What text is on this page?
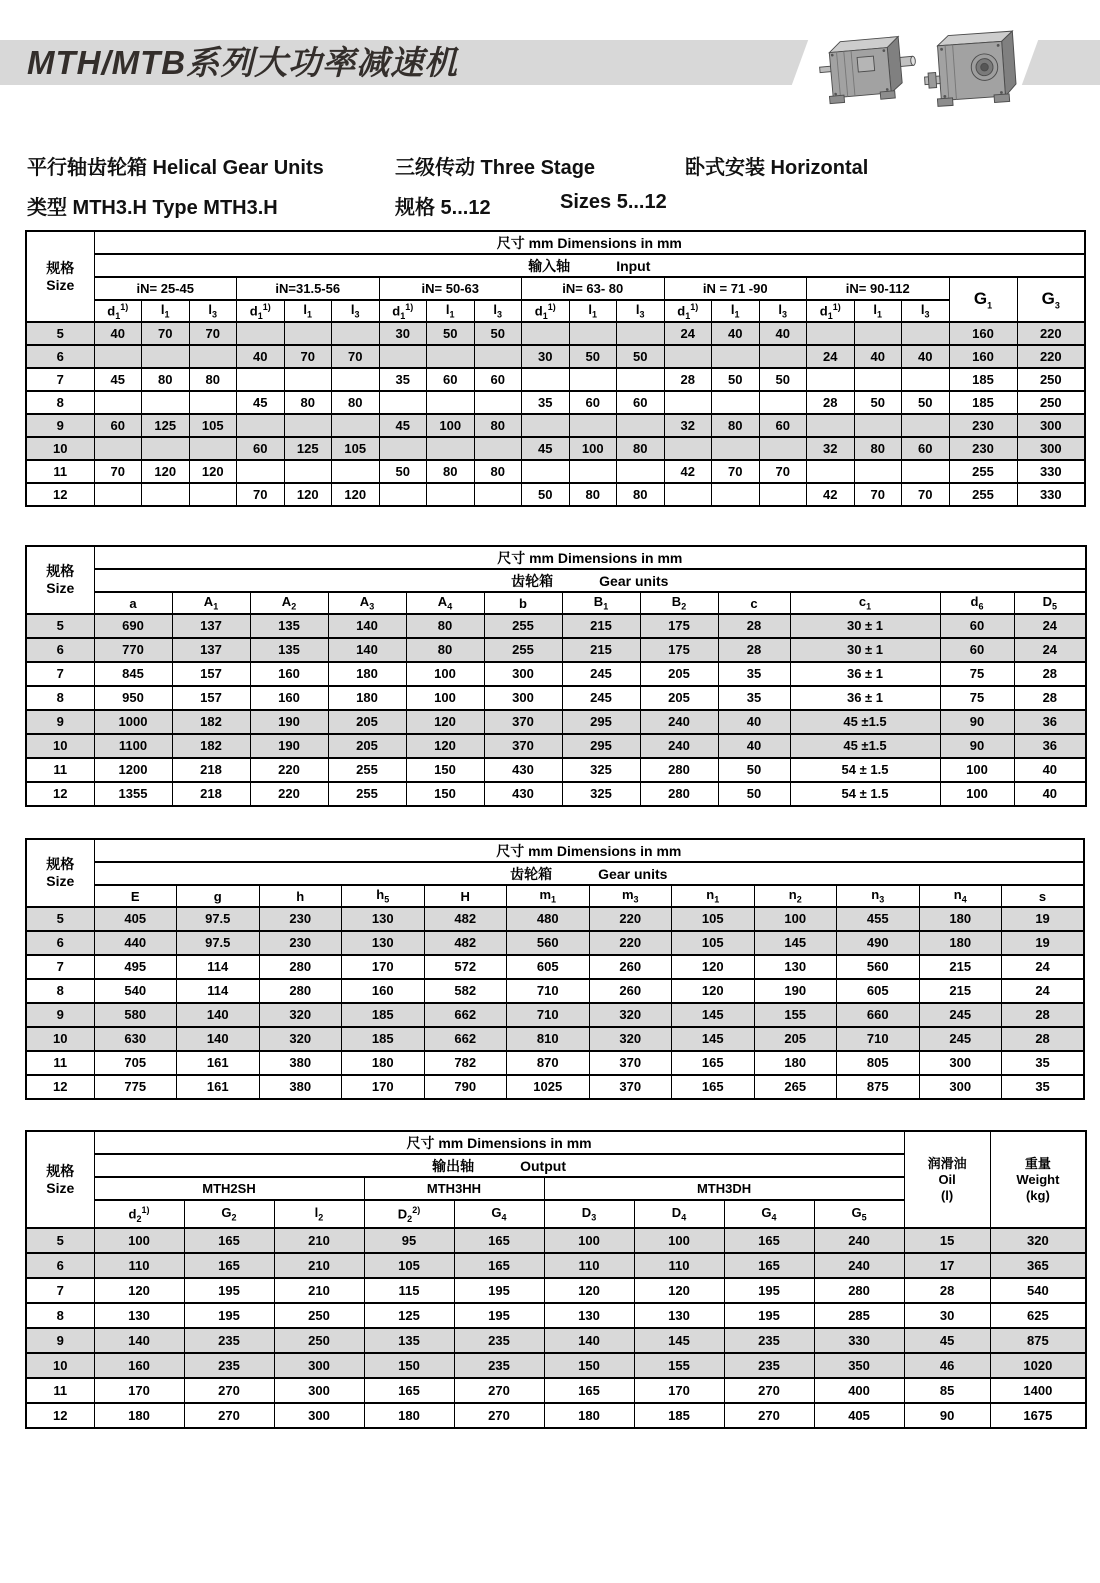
MTH/MTB系列大功率减速机
平行轴齿轮箱 Helical Gear Units	三级传动 Three Stage	卧式安装 Horizontal
类型 MTH3.H Type MTH3.H	规格 5...12	Sizes 5...12
规格
Size	尺寸 mm Dimensions in mm																			
	输入轴 Input																			
	iN= 25-45			iN=31.5-56			iN= 50-63			iN= 63- 80			iN = 71 -90			iN= 90-112			$G_1$	$G_3$
	$d_1^{1)}$	$l_1$	$l_3$	$d_1^{1)}$	$l_1$	$l_3$	$d_1^{1)}$	$l_1$	$l_3$	$d_1^{1)}$	$l_1$	$l_3$	$d_1^{1)}$	$l_1$	$l_3$	$d_1^{1)}$	$l_1$	$l_3$
5	40	70	70				30	50	50				24	40	40				160	220
6				40	70	70				30	50	50				24	40	40	160	220
7	45	80	80				35	60	60				28	50	50				185	250
8				45	80	80				35	60	60				28	50	50	185	250
9	60	125	105				45	100	80				32	80	60				230	300
10				60	125	105				45	100	80				32	80	60	230	300
11	70	120	120				50	80	80				42	70	70				255	330
12				70	120	120				50	80	80				42	70	70	255	330
规格
Size	尺寸 mm Dimensions in mm											
	齿轮箱 Gear units											
	a	$A_1$	$A_2$	$A_3$	$A_4$	b	$B_1$	$B_2$	c	$c_1$	$d_6$	$D_5$
5	690	137	135	140	80	255	215	175	28	30 ± 1	60	24
6	770	137	135	140	80	255	215	175	28	30 ± 1	60	24
7	845	157	160	180	100	300	245	205	35	36 ± 1	75	28
8	950	157	160	180	100	300	245	205	35	36 ± 1	75	28
9	1000	182	190	205	120	370	295	240	40	45 ±1.5	90	36
10	1100	182	190	205	120	370	295	240	40	45 ±1.5	90	36
11	1200	218	220	255	150	430	325	280	50	54 ± 1.5	100	40
12	1355	218	220	255	150	430	325	280	50	54 ± 1.5	100	40
规格
Size	尺寸 mm Dimensions in mm											
	齿轮箱 Gear units											
	E	g	h	$h_5$	H	$m_1$	$m_3$	$n_1$	$n_2$	$n_3$	$n_4$	s
5	405	97.5	230	130	482	480	220	105	100	455	180	19
6	440	97.5	230	130	482	560	220	105	145	490	180	19
7	495	114	280	170	572	605	260	120	130	560	215	24
8	540	114	280	160	582	710	260	120	190	605	215	24
9	580	140	320	185	662	710	320	145	155	660	245	28
10	630	140	320	185	662	810	320	145	205	710	245	28
11	705	161	380	180	782	870	370	165	180	805	300	35
12	775	161	380	170	790	1025	370	165	265	875	300	35
规格
Size	尺寸 mm Dimensions in mm									润滑油
Oil
(l)	重量
Weight
(kg)
	输出轴 Output										
	MTH2SH			MTH3HH		MTH3DH					
	$d_2^{1)}$	$G_2$	$l_2$	$D_2^{2)}$	$G_4$	$D_3$	$D_4$	$G_4$	$G_5$
5	100	165	210	95	165	100	100	165	240	15	320
6	110	165	210	105	165	110	110	165	240	17	365
7	120	195	210	115	195	120	120	195	280	28	540
8	130	195	250	125	195	130	130	195	285	30	625
9	140	235	250	135	235	140	145	235	330	45	875
10	160	235	300	150	235	150	155	235	350	46	1020
11	170	270	300	165	270	165	170	270	400	85	1400
12	180	270	300	180	270	180	185	270	405	90	1675
